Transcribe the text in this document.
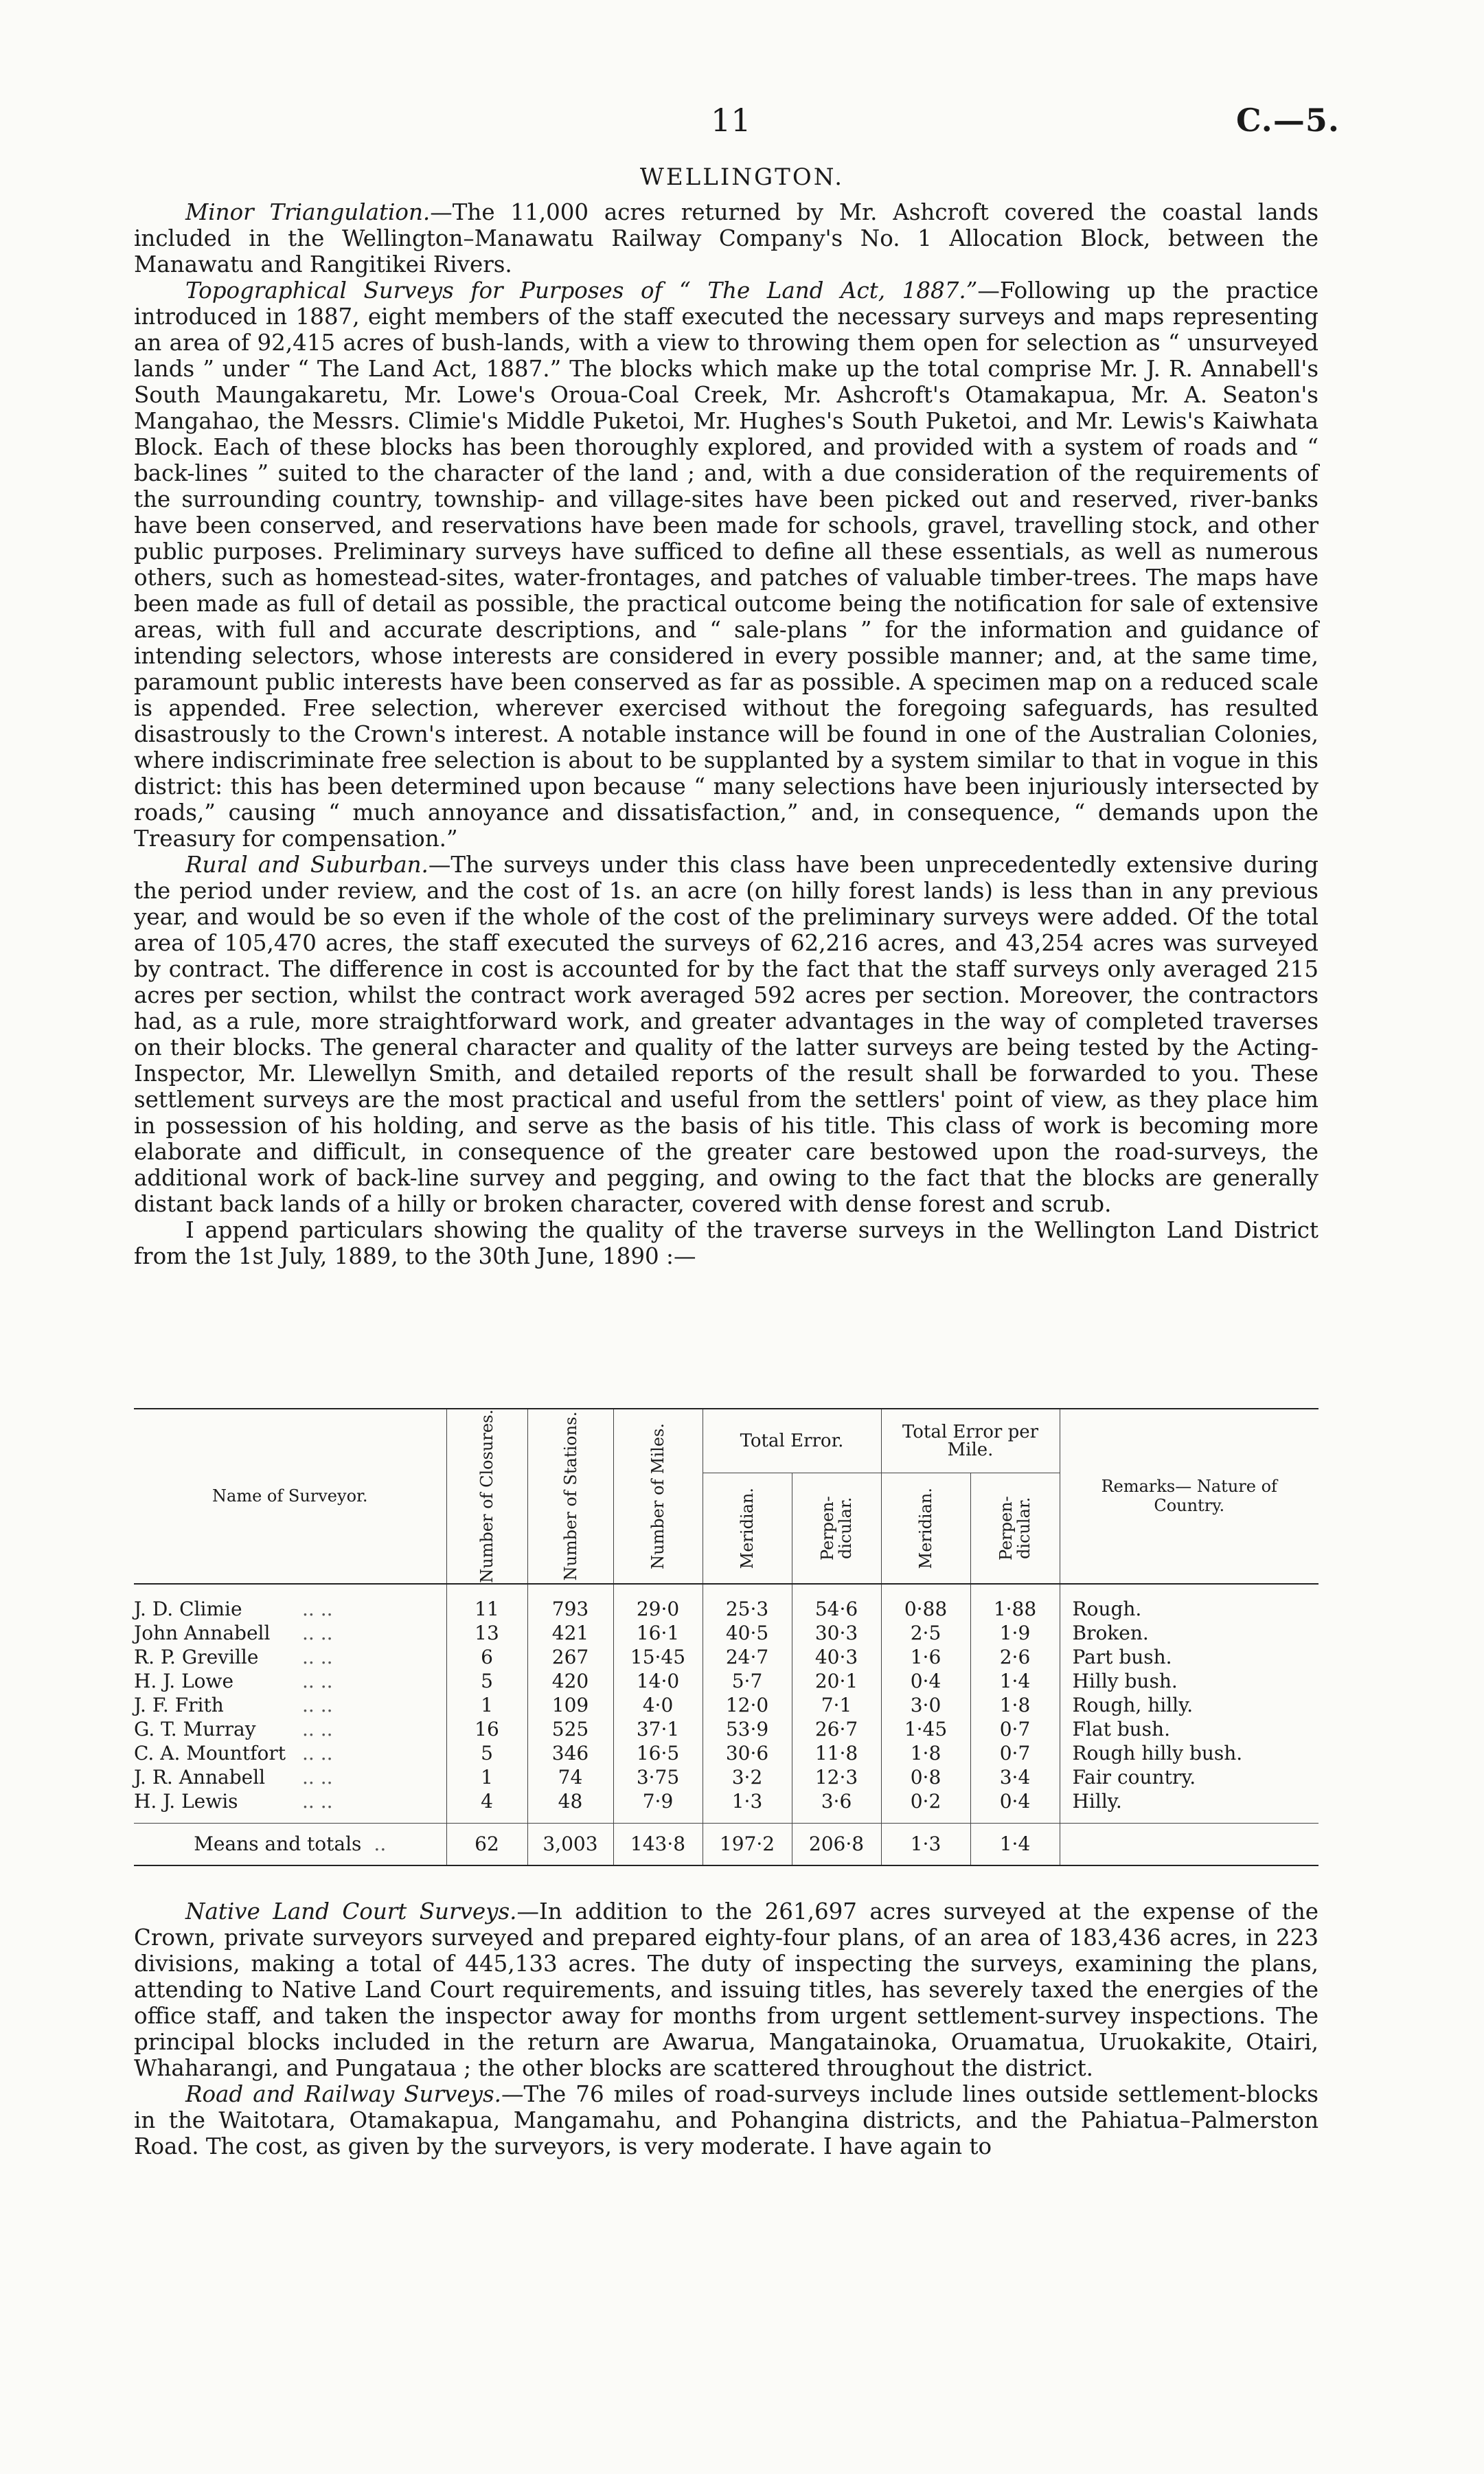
11	C.—5.
WELLINGTON.

Minor Triangulation.—The 11,000 acres returned by Mr. Ashcroft covered the coastal lands included in the Wellington–Manawatu Railway Company's No. 1 Allocation Block, between the Manawatu and Rangitikei Rivers.

Topographical Surveys for Purposes of “ The Land Act, 1887.”—Following up the practice introduced in 1887, eight members of the staff executed the necessary surveys and maps representing an area of 92,415 acres of bush-lands, with a view to throwing them open for selection as “ unsurveyed lands ” under “ The Land Act, 1887.” The blocks which make up the total comprise Mr. J. R. Annabell's South Maungakaretu, Mr. Lowe's Oroua-Coal Creek, Mr. Ashcroft's Otamakapua, Mr. A. Seaton's Mangahao, the Messrs. Climie's Middle Puketoi, Mr. Hughes's South Puketoi, and Mr. Lewis's Kaiwhata Block. Each of these blocks has been thoroughly explored, and provided with a system of roads and “ back-lines ” suited to the character of the land ; and, with a due consideration of the requirements of the surrounding country, township- and village-sites have been picked out and reserved, river-banks have been conserved, and reservations have been made for schools, gravel, travelling stock, and other public purposes. Preliminary surveys have sufficed to define all these essentials, as well as numerous others, such as homestead-sites, water-frontages, and patches of valuable timber-trees. The maps have been made as full of detail as possible, the practical outcome being the notification for sale of extensive areas, with full and accurate descriptions, and “ sale-plans ” for the information and guidance of intending selectors, whose interests are considered in every possible manner; and, at the same time, paramount public interests have been conserved as far as possible. A specimen map on a reduced scale is appended. Free selection, wherever exercised without the foregoing safeguards, has resulted disastrously to the Crown's interest. A notable instance will be found in one of the Australian Colonies, where indiscriminate free selection is about to be supplanted by a system similar to that in vogue in this district: this has been determined upon because “ many selections have been injuriously intersected by roads,” causing “ much annoyance and dissatisfaction,” and, in consequence, “ demands upon the Treasury for compensation.”

Rural and Suburban.—The surveys under this class have been unprecedentedly extensive during the period under review, and the cost of 1s. an acre (on hilly forest lands) is less than in any previous year, and would be so even if the whole of the cost of the preliminary surveys were added. Of the total area of 105,470 acres, the staff executed the surveys of 62,216 acres, and 43,254 acres was surveyed by contract. The difference in cost is accounted for by the fact that the staff surveys only averaged 215 acres per section, whilst the contract work averaged 592 acres per section. Moreover, the contractors had, as a rule, more straightforward work, and greater advantages in the way of completed traverses on their blocks. The general character and quality of the latter surveys are being tested by the Acting-Inspector, Mr. Llewellyn Smith, and detailed reports of the result shall be forwarded to you. These settlement surveys are the most practical and useful from the settlers' point of view, as they place him in possession of his holding, and serve as the basis of his title. This class of work is becoming more elaborate and difficult, in consequence of the greater care bestowed upon the road-surveys, the additional work of back-line survey and pegging, and owing to the fact that the blocks are generally distant back lands of a hilly or broken character, covered with dense forest and scrub.

I append particulars showing the quality of the traverse surveys in the Wellington Land District from the 1st July, 1889, to the 30th June, 1890 :—

Name of Surveyor.	Number of Closures.	Number of Stations.	Number of Miles.	Total Error.		Total Error per Mile.		Remarks— Nature of Country.

				Meridian.	Perpen-dicular.	Meridian.	Perpen-dicular.	

J. D. Climie .. ..	11	793	29·0	25·3	54·6	0·88	1·88	Rough.
John Annabell .. ..	13	421	16·1	40·5	30·3	2·5	1·9	Broken.
R. P. Greville .. ..	6	267	15·45	24·7	40·3	1·6	2·6	Part bush.
H. J. Lowe .. ..	5	420	14·0	5·7	20·1	0·4	1·4	Hilly bush.
J. F. Frith .. ..	1	109	4·0	12·0	7·1	3·0	1·8	Rough, hilly.
G. T. Murray .. ..	16	525	37·1	53·9	26·7	1·45	0·7	Flat bush.
C. A. Mountfort .. ..	5	346	16·5	30·6	11·8	1·8	0·7	Rough hilly bush.
J. R. Annabell .. ..	1	74	3·75	3·2	12·3	0·8	3·4	Fair country.
H. J. Lewis .. ..	4	48	7·9	1·3	3·6	0·2	0·4	Hilly.
Means and totals ..	62	3,003	143·8	197·2	206·8	1·3	1·4	

Native Land Court Surveys.—In addition to the 261,697 acres surveyed at the expense of the Crown, private surveyors surveyed and prepared eighty-four plans, of an area of 183,436 acres, in 223 divisions, making a total of 445,133 acres. The duty of inspecting the surveys, examining the plans, attending to Native Land Court requirements, and issuing titles, has severely taxed the energies of the office staff, and taken the inspector away for months from urgent settlement-survey inspections. The principal blocks included in the return are Awarua, Mangatainoka, Oruamatua, Uruokakite, Otairi, Whaharangi, and Pungataua ; the other blocks are scattered throughout the district.

Road and Railway Surveys.—The 76 miles of road-surveys include lines outside settlement-blocks in the Waitotara, Otamakapua, Mangamahu, and Pohangina districts, and the Pahiatua–Palmerston Road. The cost, as given by the surveyors, is very moderate. I have again to
